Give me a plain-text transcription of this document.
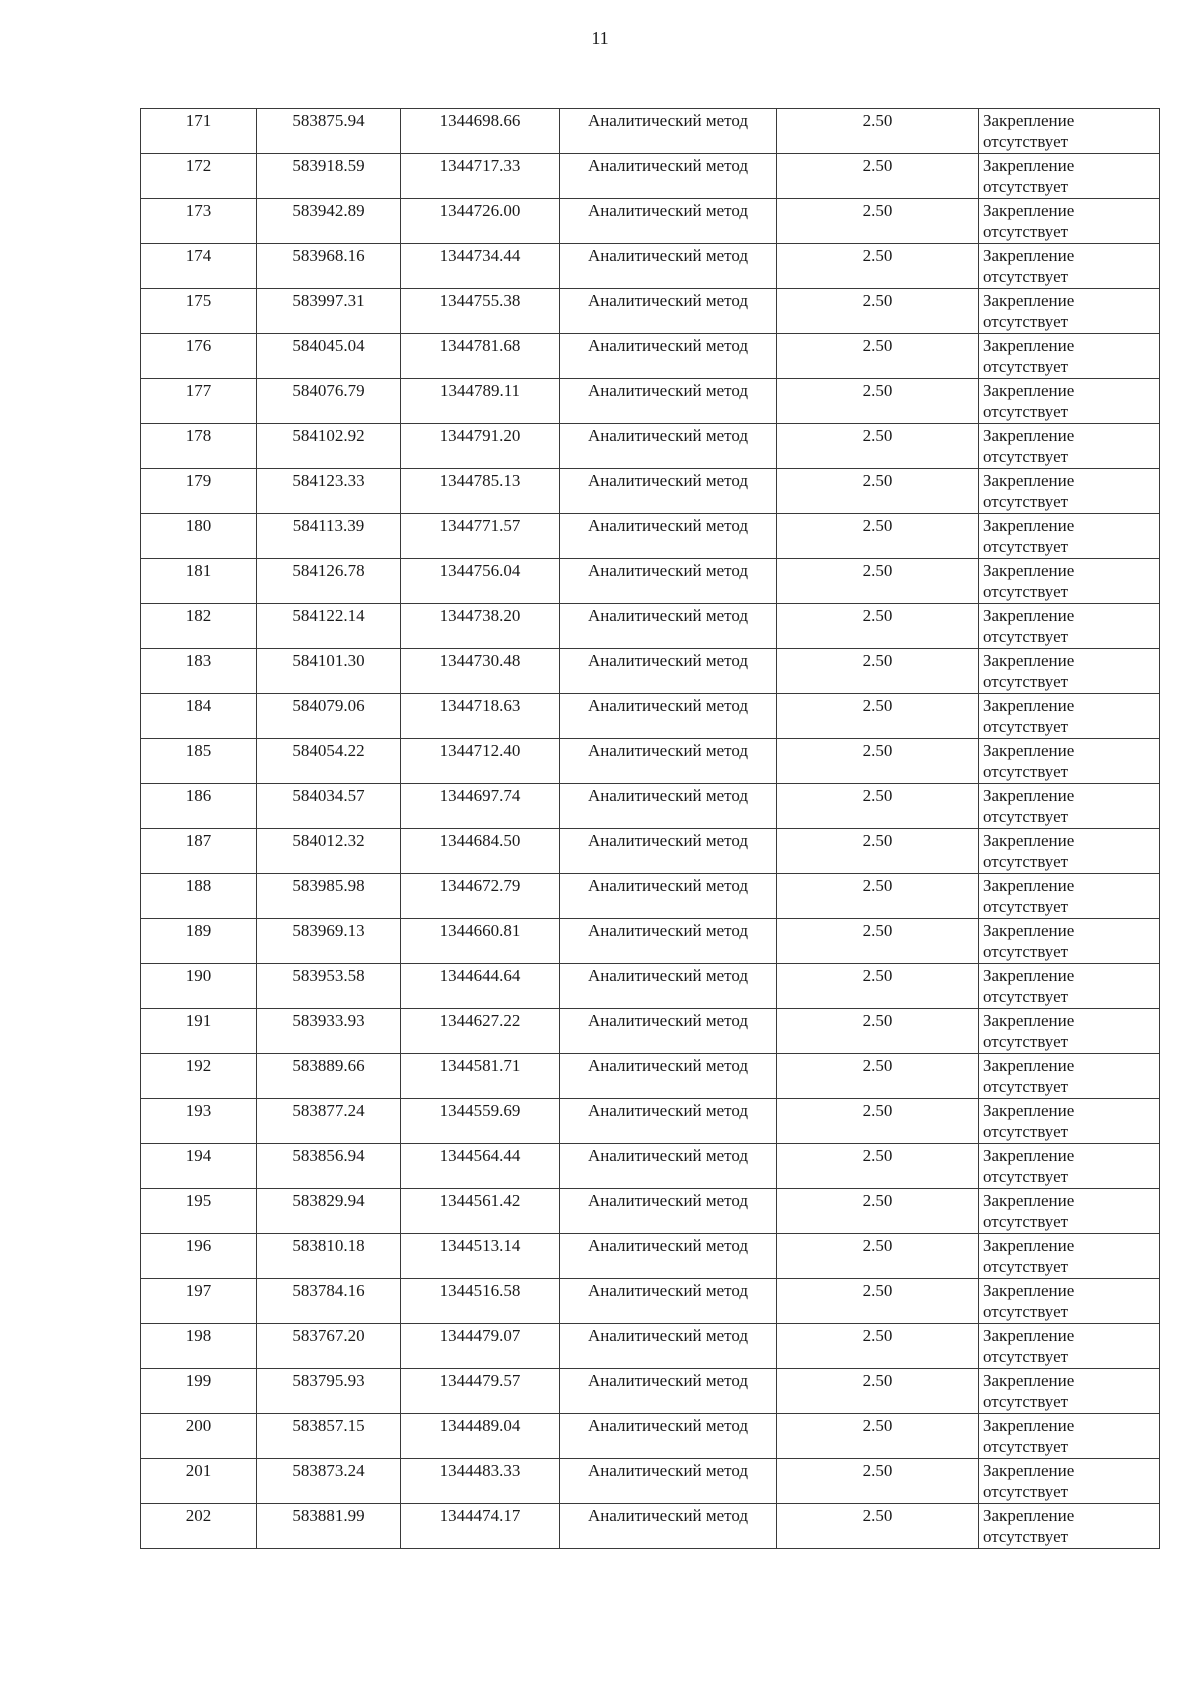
11
171	583875.94	1344698.66	Аналитический метод	2.50	Закрепление отсутствует
172	583918.59	1344717.33	Аналитический метод	2.50	Закрепление отсутствует
173	583942.89	1344726.00	Аналитический метод	2.50	Закрепление отсутствует
174	583968.16	1344734.44	Аналитический метод	2.50	Закрепление отсутствует
175	583997.31	1344755.38	Аналитический метод	2.50	Закрепление отсутствует
176	584045.04	1344781.68	Аналитический метод	2.50	Закрепление отсутствует
177	584076.79	1344789.11	Аналитический метод	2.50	Закрепление отсутствует
178	584102.92	1344791.20	Аналитический метод	2.50	Закрепление отсутствует
179	584123.33	1344785.13	Аналитический метод	2.50	Закрепление отсутствует
180	584113.39	1344771.57	Аналитический метод	2.50	Закрепление отсутствует
181	584126.78	1344756.04	Аналитический метод	2.50	Закрепление отсутствует
182	584122.14	1344738.20	Аналитический метод	2.50	Закрепление отсутствует
183	584101.30	1344730.48	Аналитический метод	2.50	Закрепление отсутствует
184	584079.06	1344718.63	Аналитический метод	2.50	Закрепление отсутствует
185	584054.22	1344712.40	Аналитический метод	2.50	Закрепление отсутствует
186	584034.57	1344697.74	Аналитический метод	2.50	Закрепление отсутствует
187	584012.32	1344684.50	Аналитический метод	2.50	Закрепление отсутствует
188	583985.98	1344672.79	Аналитический метод	2.50	Закрепление отсутствует
189	583969.13	1344660.81	Аналитический метод	2.50	Закрепление отсутствует
190	583953.58	1344644.64	Аналитический метод	2.50	Закрепление отсутствует
191	583933.93	1344627.22	Аналитический метод	2.50	Закрепление отсутствует
192	583889.66	1344581.71	Аналитический метод	2.50	Закрепление отсутствует
193	583877.24	1344559.69	Аналитический метод	2.50	Закрепление отсутствует
194	583856.94	1344564.44	Аналитический метод	2.50	Закрепление отсутствует
195	583829.94	1344561.42	Аналитический метод	2.50	Закрепление отсутствует
196	583810.18	1344513.14	Аналитический метод	2.50	Закрепление отсутствует
197	583784.16	1344516.58	Аналитический метод	2.50	Закрепление отсутствует
198	583767.20	1344479.07	Аналитический метод	2.50	Закрепление отсутствует
199	583795.93	1344479.57	Аналитический метод	2.50	Закрепление отсутствует
200	583857.15	1344489.04	Аналитический метод	2.50	Закрепление отсутствует
201	583873.24	1344483.33	Аналитический метод	2.50	Закрепление отсутствует
202	583881.99	1344474.17	Аналитический метод	2.50	Закрепление отсутствует
